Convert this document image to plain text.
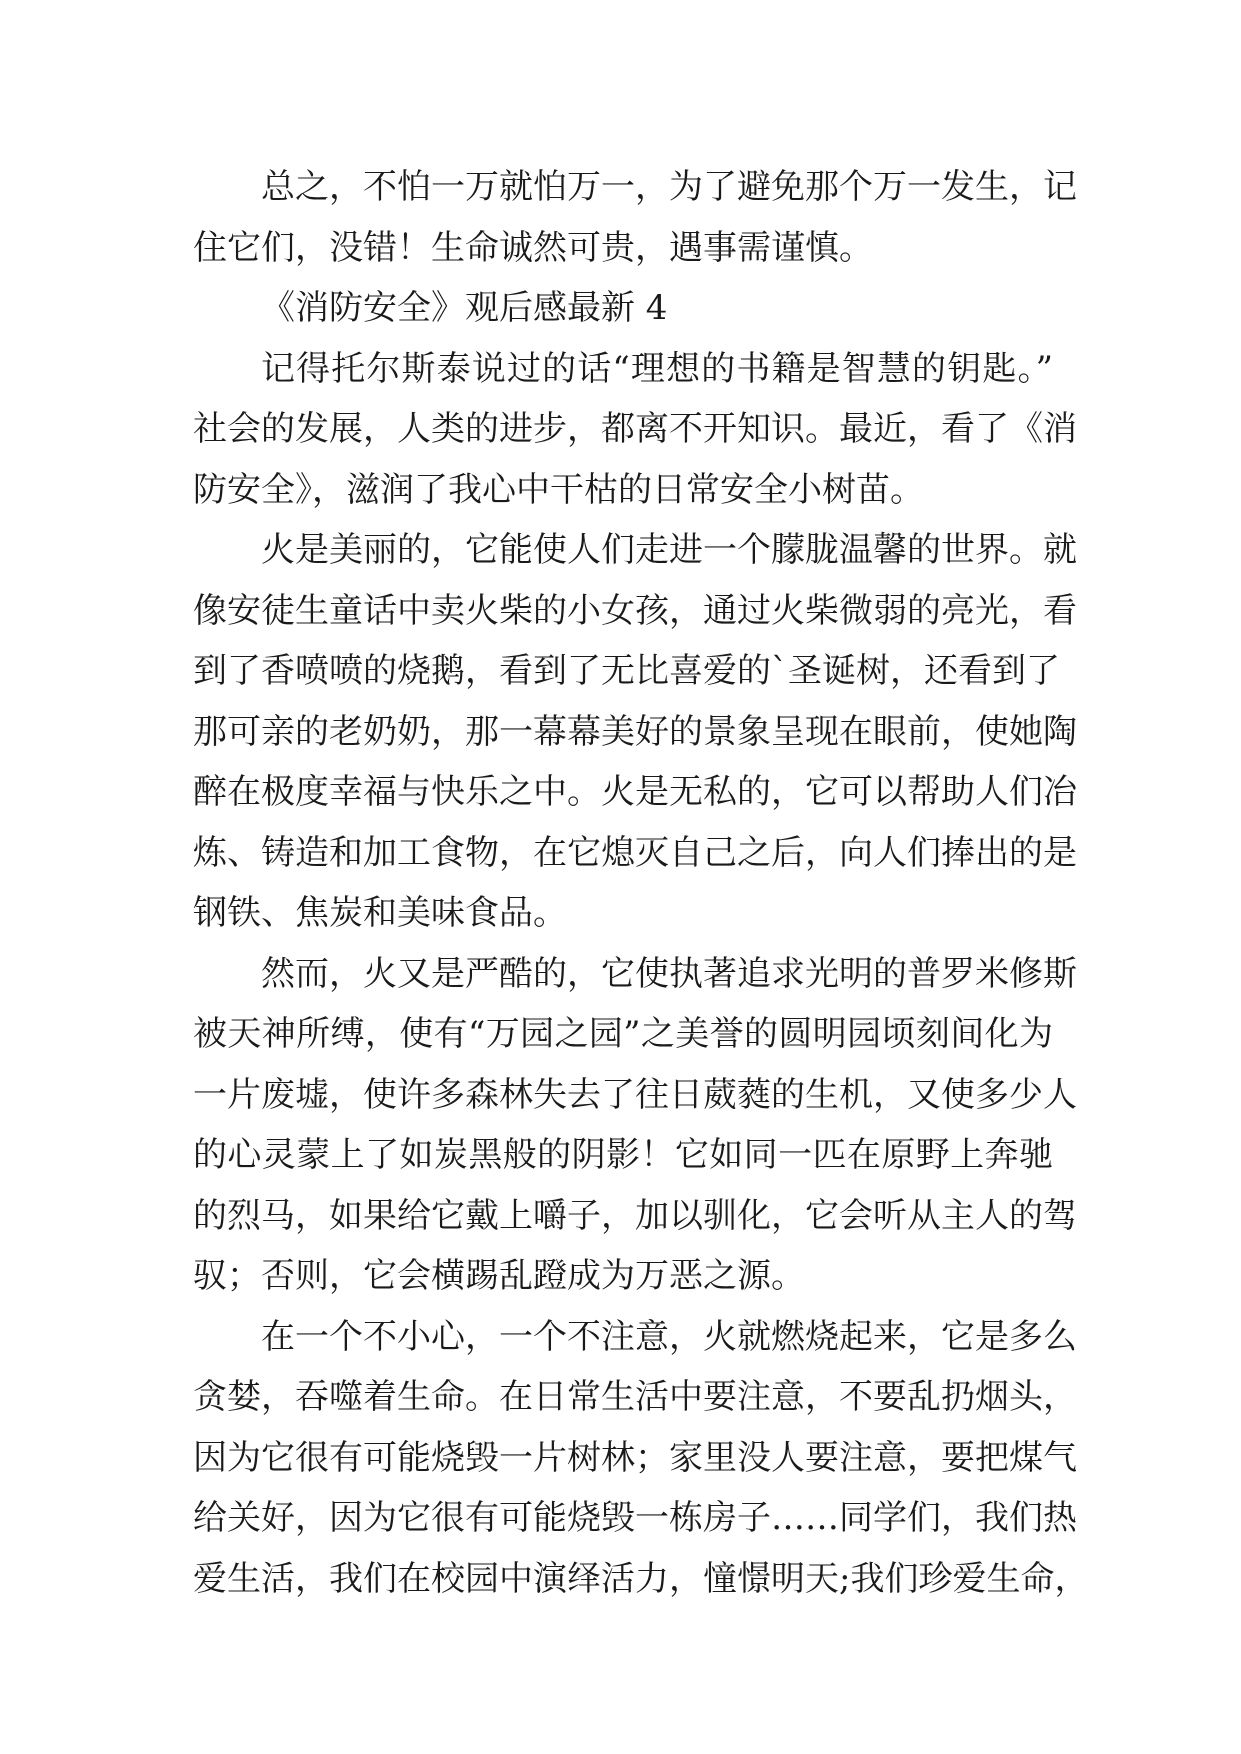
总之，不怕一万就怕万一，为了避免那个万一发生，记
住它们，没错！生命诚然可贵，遇事需谨慎。
《消防安全》观后感最新 4
记得托尔斯泰说过的话“理想的书籍是智慧的钥匙。”
社会的发展，人类的进步，都离不开知识。最近，看了《消
防安全》，滋润了我心中干枯的日常安全小树苗。
火是美丽的，它能使人们走进一个朦胧温馨的世界。就
像安徒生童话中卖火柴的小女孩，通过火柴微弱的亮光，看
到了香喷喷的烧鹅，看到了无比喜爱的`圣诞树，还看到了
那可亲的老奶奶，那一幕幕美好的景象呈现在眼前，使她陶
醉在极度幸福与快乐之中。火是无私的，它可以帮助人们冶
炼、铸造和加工食物，在它熄灭自己之后，向人们捧出的是
钢铁、焦炭和美味食品。
然而，火又是严酷的，它使执著追求光明的普罗米修斯
被天神所缚，使有“万园之园”之美誉的圆明园顷刻间化为
一片废墟，使许多森林失去了往日葳蕤的生机，又使多少人
的心灵蒙上了如炭黑般的阴影！它如同一匹在原野上奔驰
的烈马，如果给它戴上嚼子，加以驯化，它会听从主人的驾
驭；否则，它会横踢乱蹬成为万恶之源。
在一个不小心，一个不注意，火就燃烧起来，它是多么
贪婪，吞噬着生命。在日常生活中要注意，不要乱扔烟头，
因为它很有可能烧毁一片树林；家里没人要注意，要把煤气
给关好，因为它很有可能烧毁一栋房子……同学们，我们热
爱生活，我们在校园中演绎活力，憧憬明天;我们珍爱生命，
